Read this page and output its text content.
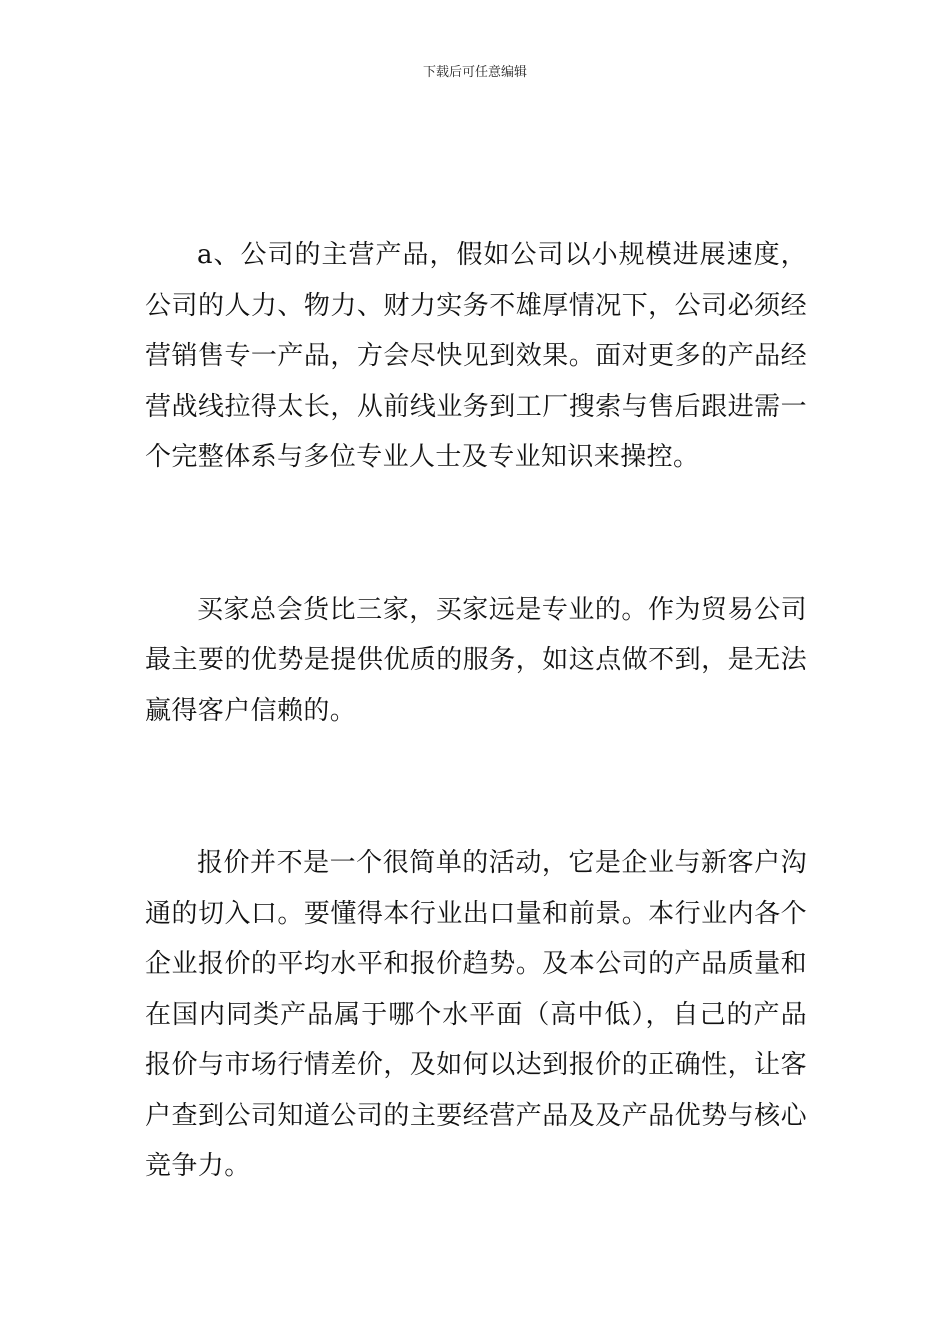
下载后可任意编辑

a、公司的主营产品，假如公司以小规模进展速度，公司的人力、物力、财力实务不雄厚情况下，公司必须经营销售专一产品，方会尽快见到效果。面对更多的产品经营战线拉得太长，从前线业务到工厂搜索与售后跟进需一个完整体系与多位专业人士及专业知识来操控。

买家总会货比三家，买家远是专业的。作为贸易公司最主要的优势是提供优质的服务，如这点做不到，是无法赢得客户信赖的。

报价并不是一个很简单的活动，它是企业与新客户沟通的切入口。要懂得本行业出口量和前景。本行业内各个企业报价的平均水平和报价趋势。及本公司的产品质量和在国内同类产品属于哪个水平面（高中低），自己的产品报价与市场行情差价，及如何以达到报价的正确性，让客户查到公司知道公司的主要经营产品及及产品优势与核心竞争力。
